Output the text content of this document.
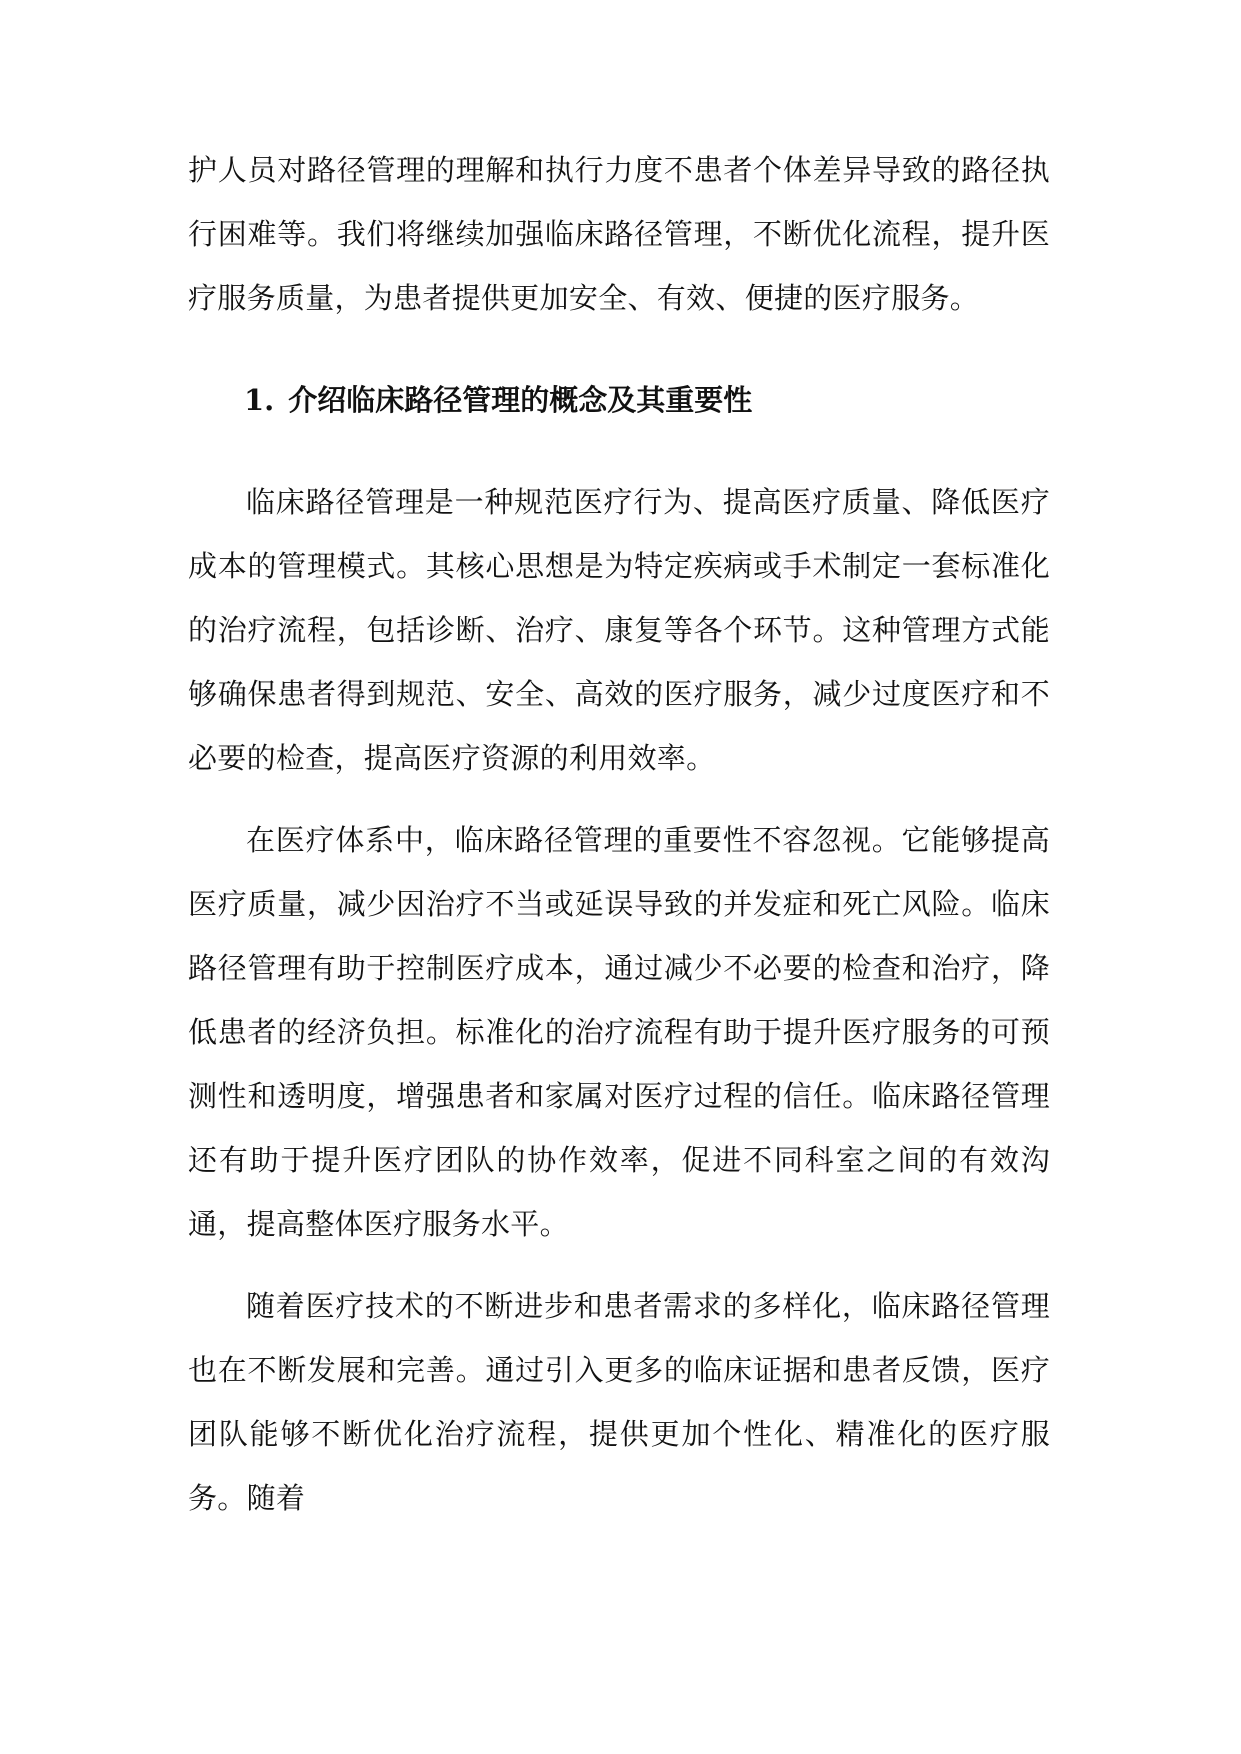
护人员对路径管理的理解和执行力度不患者个体差异导致的路径执行困难等。我们将继续加强临床路径管理，不断优化流程，提升医疗服务质量，为患者提供更加安全、有效、便捷的医疗服务。
1. 介绍临床路径管理的概念及其重要性

临床路径管理是一种规范医疗行为、提高医疗质量、降低医疗成本的管理模式。其核心思想是为特定疾病或手术制定一套标准化的治疗流程，包括诊断、治疗、康复等各个环节。这种管理方式能够确保患者得到规范、安全、高效的医疗服务，减少过度医疗和不必要的检查，提高医疗资源的利用效率。

在医疗体系中，临床路径管理的重要性不容忽视。它能够提高医疗质量，减少因治疗不当或延误导致的并发症和死亡风险。临床路径管理有助于控制医疗成本，通过减少不必要的检查和治疗，降低患者的经济负担。标准化的治疗流程有助于提升医疗服务的可预测性和透明度，增强患者和家属对医疗过程的信任。临床路径管理还有助于提升医疗团队的协作效率，促进不同科室之间的有效沟通，提高整体医疗服务水平。

随着医疗技术的不断进步和患者需求的多样化，临床路径管理也在不断发展和完善。通过引入更多的临床证据和患者反馈，医疗团队能够不断优化治疗流程，提供更加个性化、精准化的医疗服务。随着
